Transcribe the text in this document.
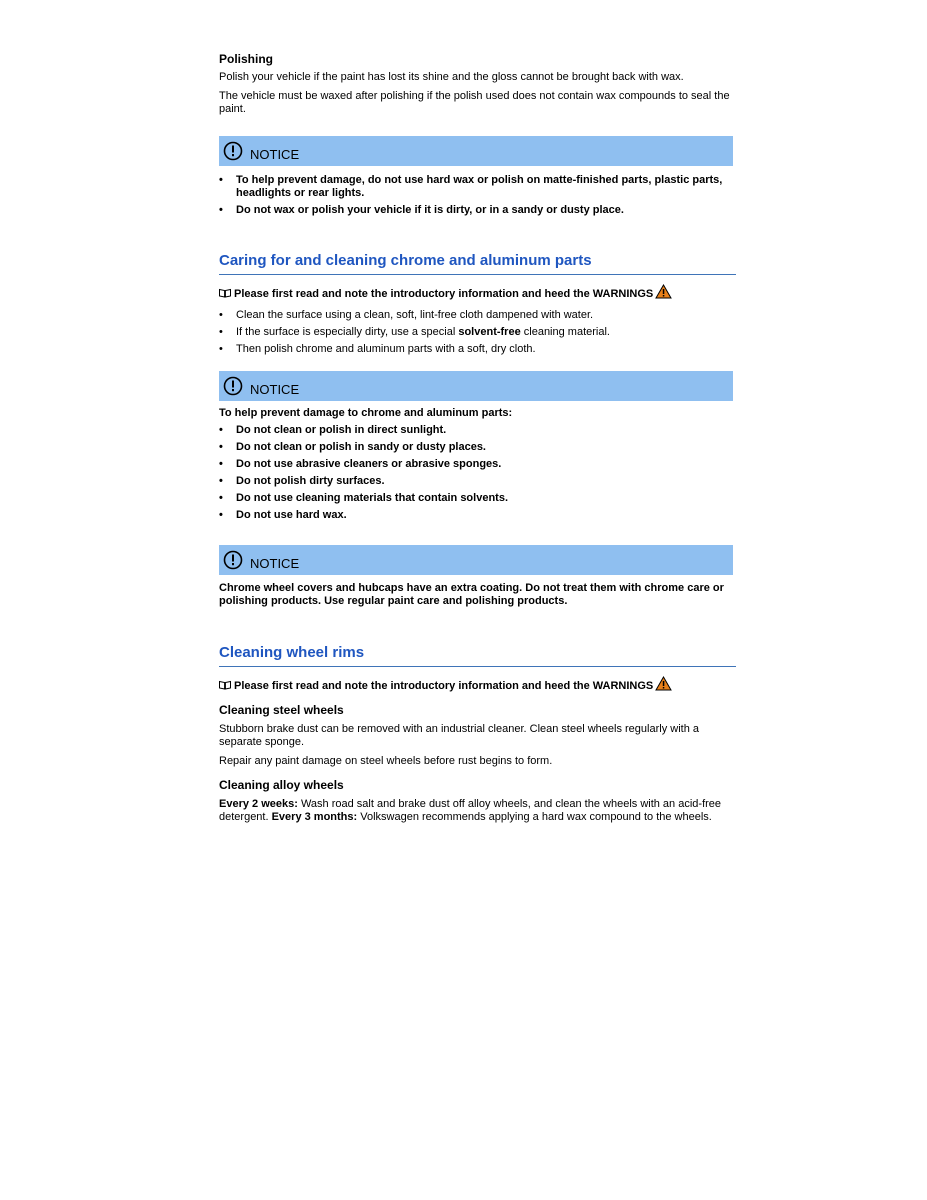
Polishing

Polish your vehicle if the paint has lost its shine and the gloss cannot be brought back with wax.

The vehicle must be waxed after polishing if the polish used does not contain wax compounds to seal the paint.

NOTICE
• To help prevent damage, do not use hard wax or polish on matte-finished parts, plastic parts, headlights or rear lights.
• Do not wax or polish your vehicle if it is dirty, or in a sandy or dusty place.
Caring for and cleaning chrome and aluminum parts
Please first read and note the introductory information and heed the WARNINGS
• Clean the surface using a clean, soft, lint-free cloth dampened with water.
• If the surface is especially dirty, use a special solvent-free cleaning material.
• Then polish chrome and aluminum parts with a soft, dry cloth.
NOTICE

To help prevent damage to chrome and aluminum parts:

• Do not clean or polish in direct sunlight.
• Do not clean or polish in sandy or dusty places.
• Do not use abrasive cleaners or abrasive sponges.
• Do not polish dirty surfaces.
• Do not use cleaning materials that contain solvents.
• Do not use hard wax.
NOTICE

Chrome wheel covers and hubcaps have an extra coating. Do not treat them with chrome care or polishing products. Use regular paint care and polishing products.

Cleaning wheel rims
Please first read and note the introductory information and heed the WARNINGS

Cleaning steel wheels

Stubborn brake dust can be removed with an industrial cleaner. Clean steel wheels regularly with a separate sponge.

Repair any paint damage on steel wheels before rust begins to form.

Cleaning alloy wheels

Every 2 weeks: Wash road salt and brake dust off alloy wheels, and clean the wheels with an acid-free detergent. Every 3 months: Volkswagen recommends applying a hard wax compound to the wheels.
